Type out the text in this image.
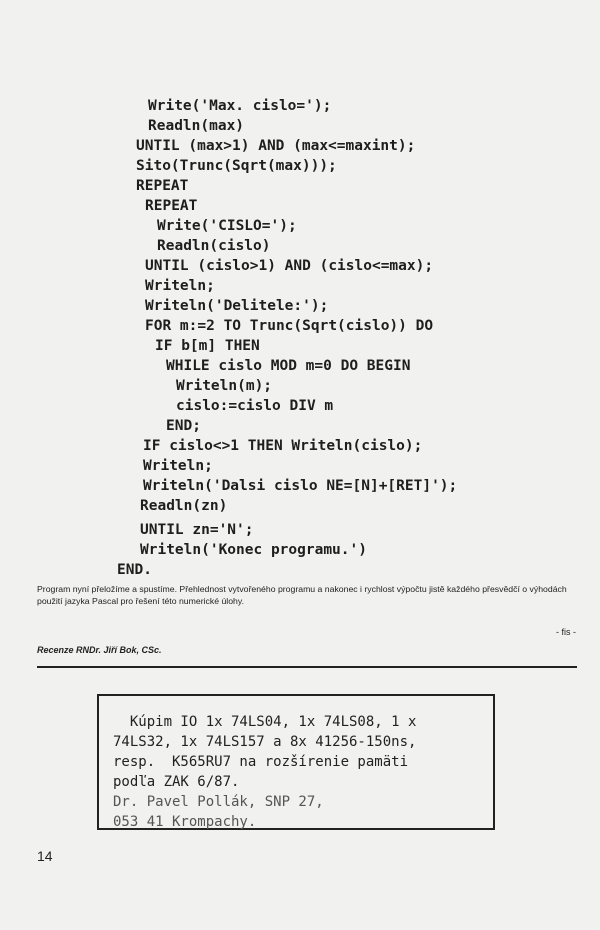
Write('Max. cislo=');

Readln(max)

UNTIL (max>1) AND (max<=maxint);

Sito(Trunc(Sqrt(max)));

REPEAT

REPEAT

Write('CISLO=');

Readln(cislo)

UNTIL (cislo>1) AND (cislo<=max);

Writeln;

Writeln('Delitele:');

FOR m:=2 TO Trunc(Sqrt(cislo)) DO

IF b[m] THEN

WHILE cislo MOD m=0 DO BEGIN

Writeln(m);

cislo:=cislo DIV m

END;

IF cislo<>1 THEN Writeln(cislo);

Writeln;

Writeln('Dalsi cislo NE=[N]+[RET]');

Readln(zn)

UNTIL zn='N';

Writeln('Konec programu.')

END.

Program nyní přeložíme a spustíme. Přehlednost vytvořeného programu a nakonec i rychlost výpočtu jistě každého přesvědčí o výhodách použití jazyka Pascal pro řešení této numerické úlohy.
- fis -
Recenze RNDr. Jiří Bok, CSc.
Kúpim IO 1x 74LS04, 1x 74LS08, 1 x
74LS32, 1x 74LS157 a 8x 41256-150ns,
resp.  K565RU7 na rozšírenie pamäti
podľa ZAK 6/87.
Dr. Pavel Pollák, SNP 27,
053 41 Krompachy.
14
